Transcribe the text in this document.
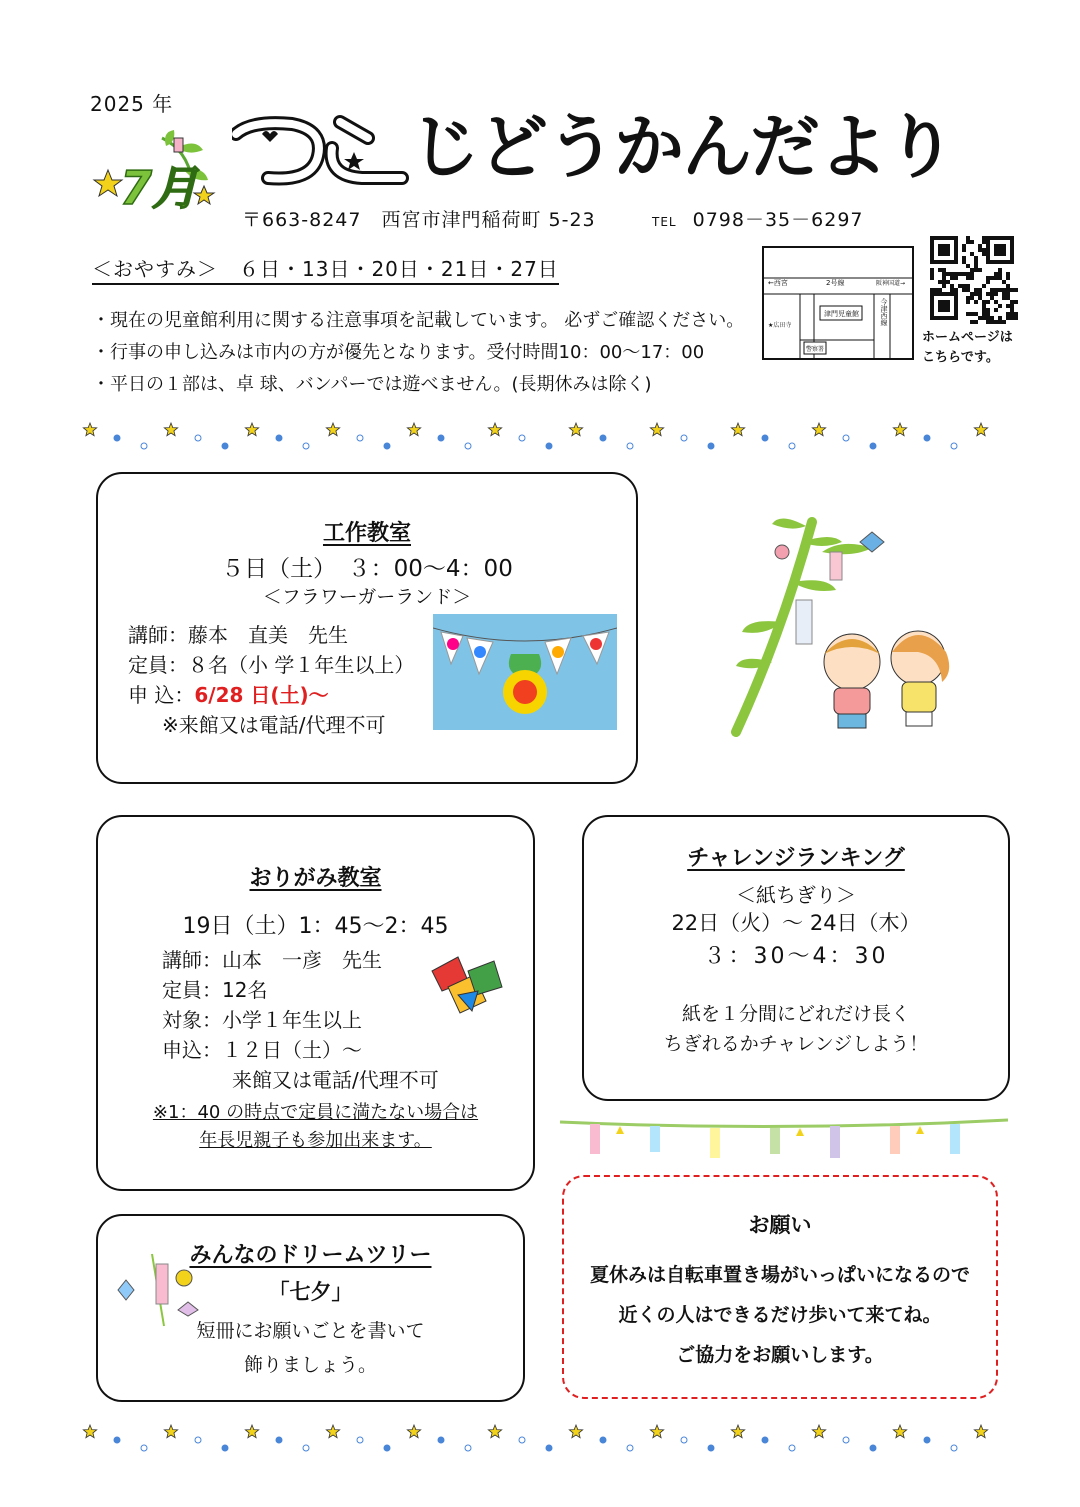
2025 年
7月	じどうかんだより
〒663-8247　西宮市津門稲荷町 5-23	TEL 0798－35－6297
＜おやすみ＞　６日・13日・20日・21日・27日
・現在の児童館利用に関する注意事項を記載しています。 必ずご確認ください。
・行事の申し込みは市内の方が優先となります。受付時間10：00～17：00
・平日の１部は、卓 球、バンパーでは遊べません。(長期休みは除く)
←西宮	2号線	阪神国道→
津門児童館	今津西線
★広田寺
警察署
ホームページは
こちらです。
工作教室
５日（土）　３：00～4：00
＜フラワーガーランド＞
講師：藤本　直美　先生
定員：８名（小 学１年生以上）
申 込：6/28 日(土)～
※来館又は電話/代理不可
おりがみ教室
19日（土）1：45～2：45
講師：山本　一彦　先生
定員：12名
対象：小学１年生以上
申込：１２日（土）～
来館又は電話/代理不可
※1：40 の時点で定員に満たない場合は
年長児親子も参加出来ます。
チャレンジランキング
＜紙ちぎり＞
22日（火）～ 24日（木）
３：30～4：30
紙を１分間にどれだけ長く
ちぎれるかチャレンジしよう！
みんなのドリームツリー
「七夕」
短冊にお願いごとを書いて
飾りましょう。
お願い
夏休みは自転車置き場がいっぱいになるので
近くの人はできるだけ歩いて来てね。
ご協力をお願いします。
